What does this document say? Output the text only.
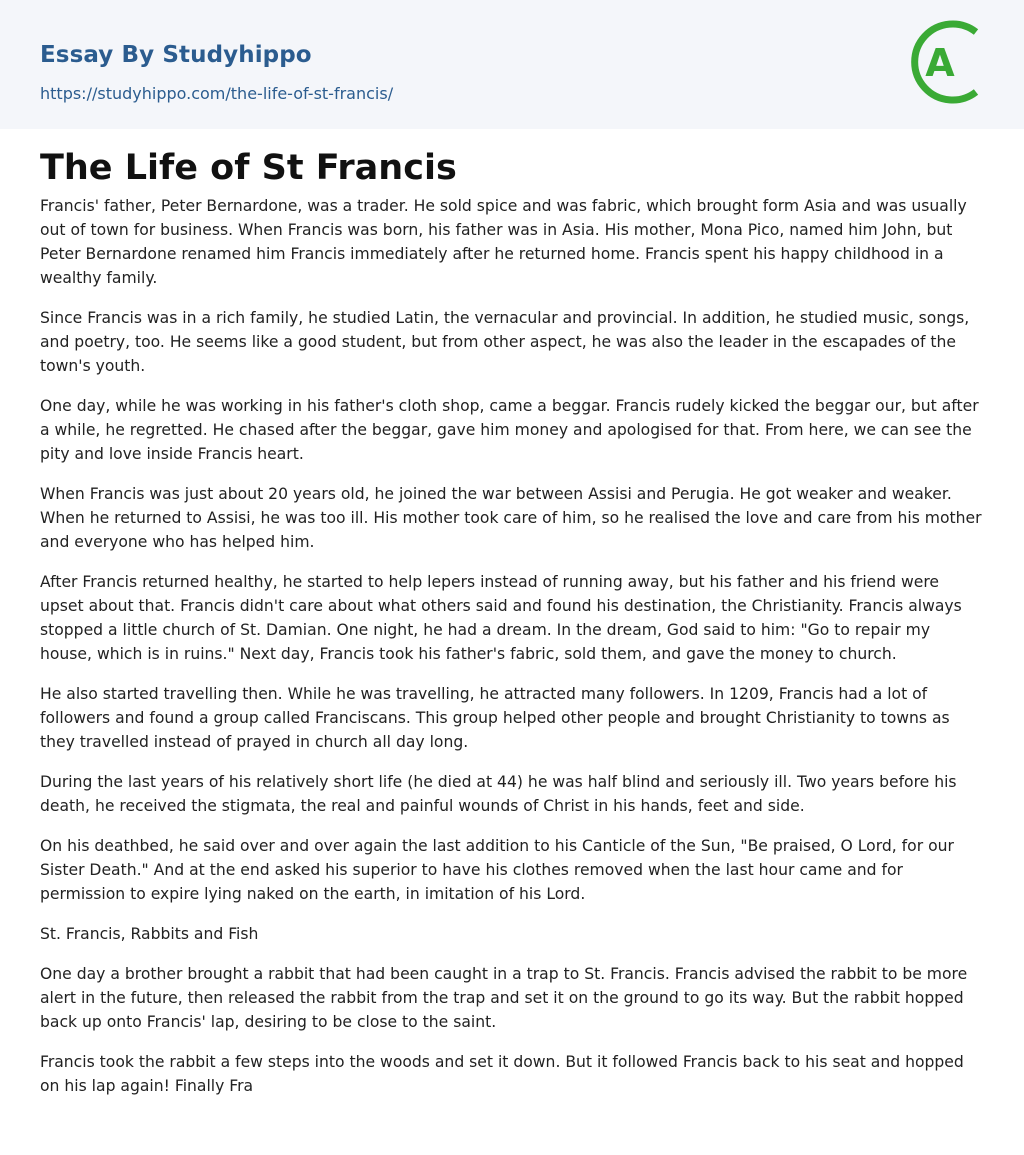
Essay By Studyhippo
https://studyhippo.com/the-life-of-st-francis/
A
The Life of St Francis

Francis' father, Peter Bernardone, was a trader. He sold spice and was fabric, which brought form Asia and was usually out of town for business. When Francis was born, his father was in Asia. His mother, Mona Pico, named him John, but Peter Bernardone renamed him Francis immediately after he returned home. Francis spent his happy childhood in a wealthy family.

Since Francis was in a rich family, he studied Latin, the vernacular and provincial. In addition, he studied music, songs, and poetry, too. He seems like a good student, but from other aspect, he was also the leader in the escapades of the town's youth.

One day, while he was working in his father's cloth shop, came a beggar. Francis rudely kicked the beggar our, but after a while, he regretted. He chased after the beggar, gave him money and apologised for that. From here, we can see the pity and love inside Francis heart.

When Francis was just about 20 years old, he joined the war between Assisi and Perugia. He got weaker and weaker. When he returned to Assisi, he was too ill. His mother took care of him, so he realised the love and care from his mother and everyone who has helped him.

After Francis returned healthy, he started to help lepers instead of running away, but his father and his friend were upset about that. Francis didn't care about what others said and found his destination, the Christianity. Francis always stopped a little church of St. Damian. One night, he had a dream. In the dream, God said to him: "Go to repair my house, which is in ruins." Next day, Francis took his father's fabric, sold them, and gave the money to church.

He also started travelling then. While he was travelling, he attracted many followers. In 1209, Francis had a lot of followers and found a group called Franciscans. This group helped other people and brought Christianity to towns as they travelled instead of prayed in church all day long.

During the last years of his relatively short life (he died at 44) he was half blind and seriously ill. Two years before his death, he received the stigmata, the real and painful wounds of Christ in his hands, feet and side.

On his deathbed, he said over and over again the last addition to his Canticle of the Sun, "Be praised, O Lord, for our Sister Death." And at the end asked his superior to have his clothes removed when the last hour came and for permission to expire lying naked on the earth, in imitation of his Lord.

St. Francis, Rabbits and Fish

One day a brother brought a rabbit that had been caught in a trap to St. Francis. Francis advised the rabbit to be more alert in the future, then released the rabbit from the trap and set it on the ground to go its way. But the rabbit hopped back up onto Francis' lap, desiring to be close to the saint.

Francis took the rabbit a few steps into the woods and set it down. But it followed Francis back to his seat and hopped on his lap again! Finally Fra
